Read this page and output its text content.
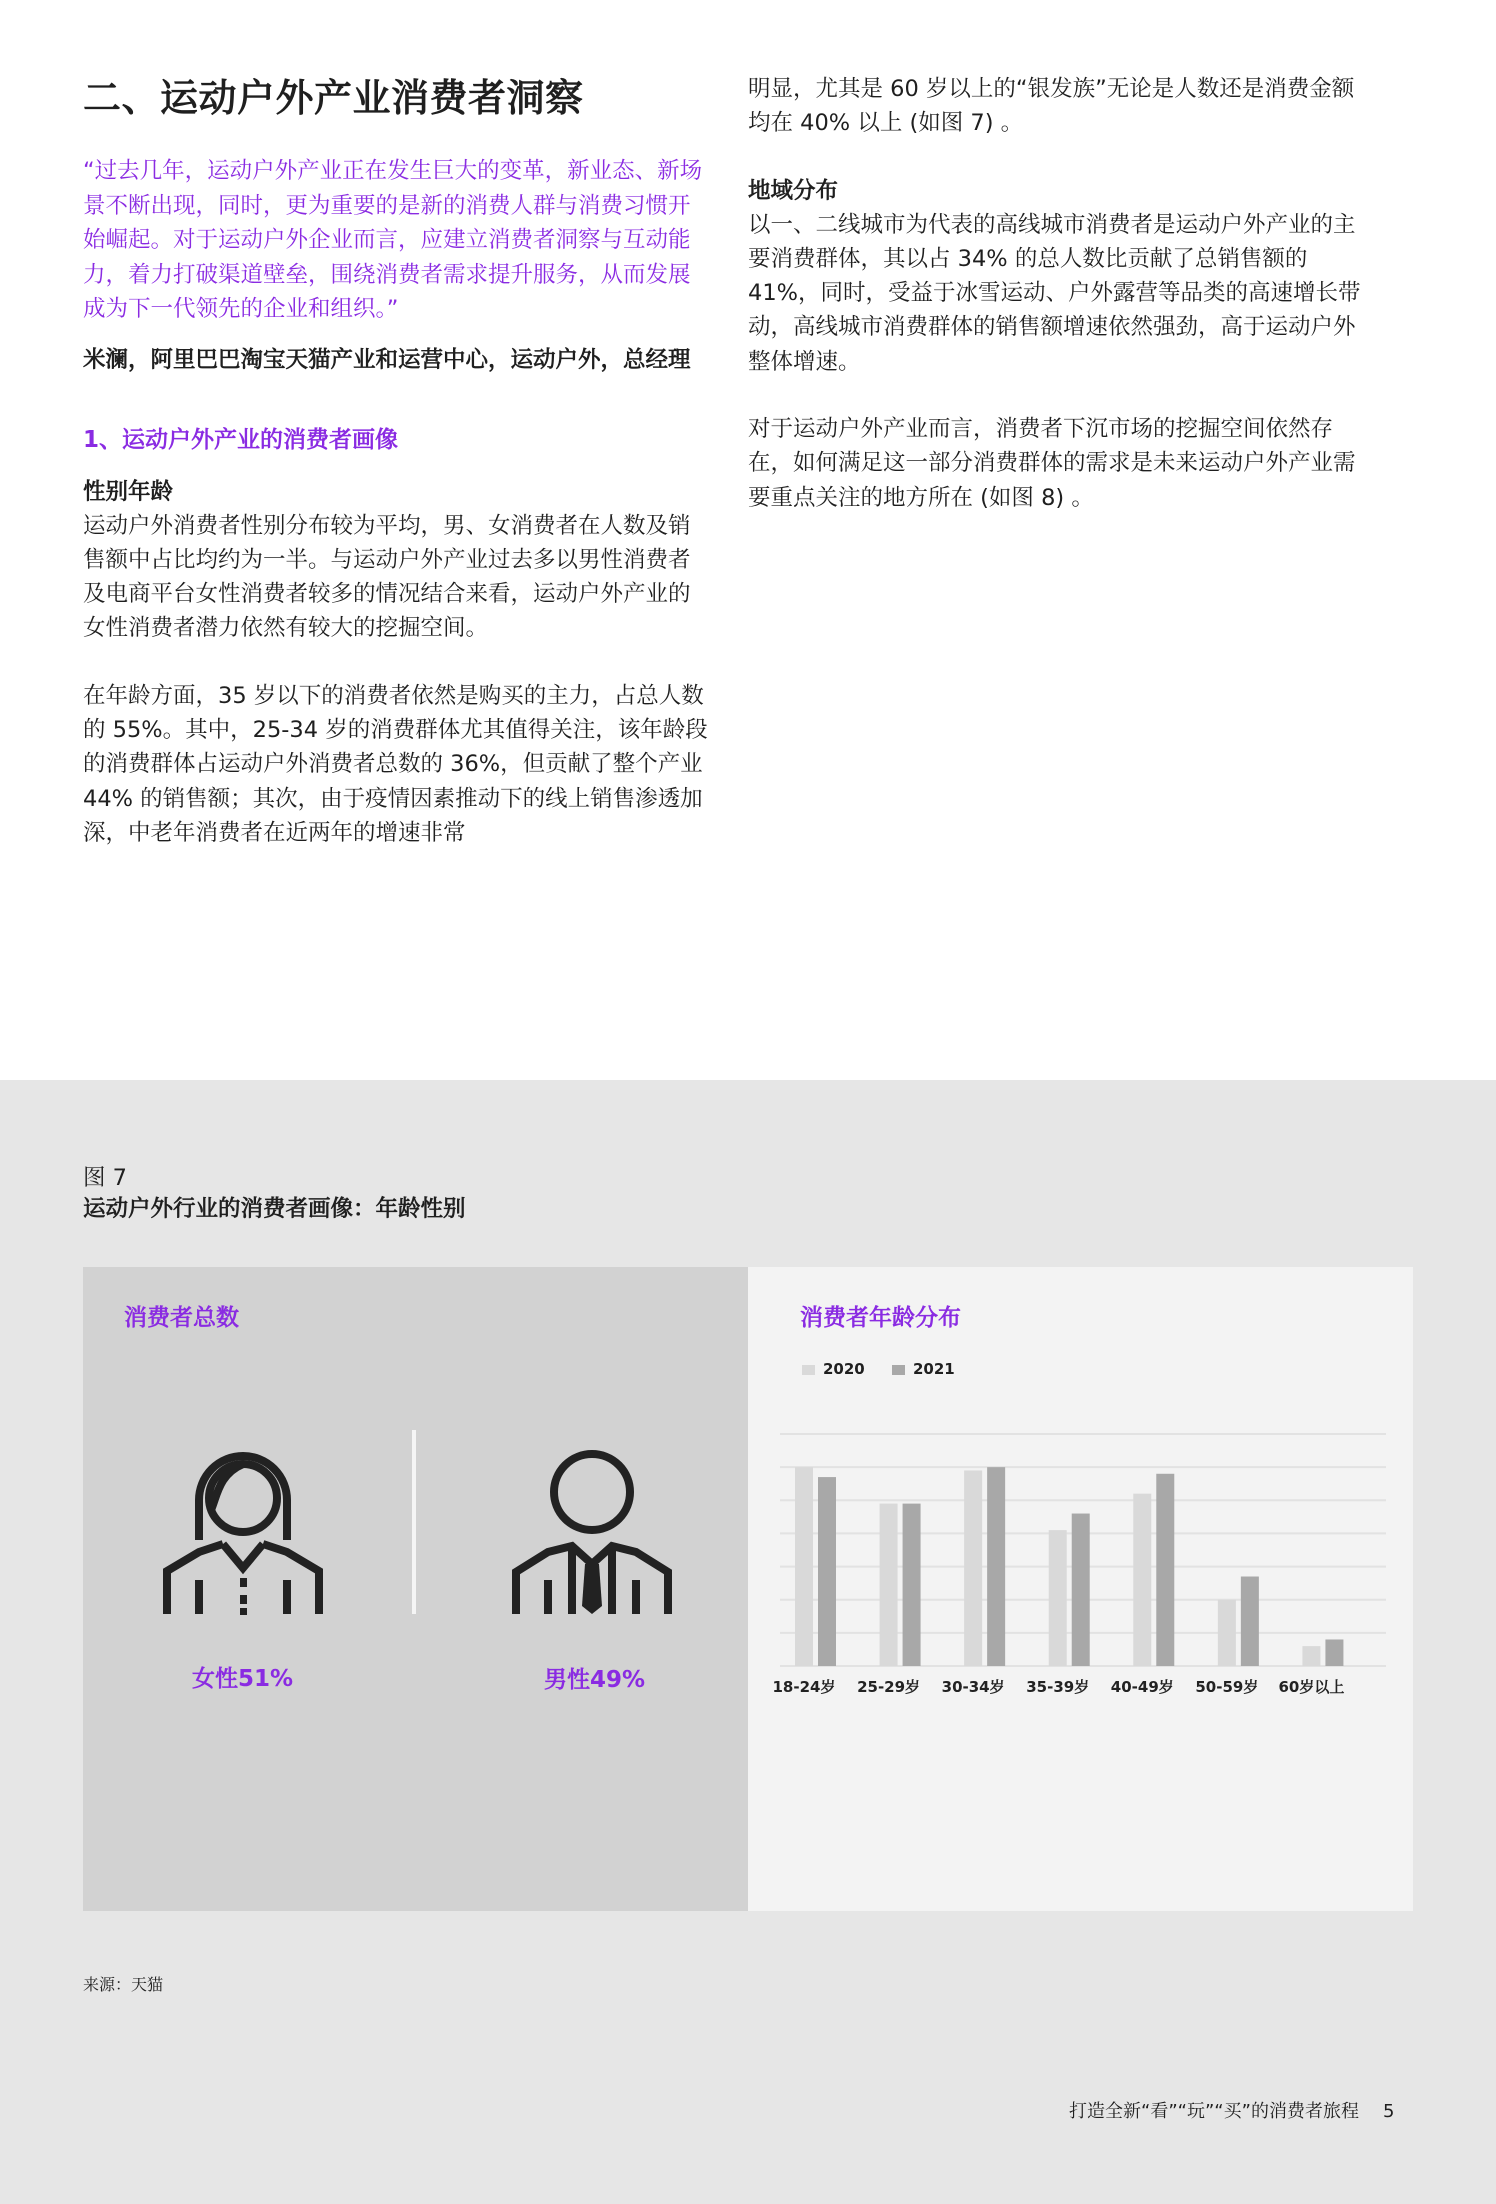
二、运动户外产业消费者洞察

“过去几年，运动户外产业正在发生巨大的变革，新业态、新场景不断出现，同时，更为重要的是新的消费人群与消费习惯开始崛起。对于运动户外企业而言，应建立消费者洞察与互动能力，着力打破渠道壁垒，围绕消费者需求提升服务，从而发展成为下一代领先的企业和组织。”

米澜，阿里巴巴淘宝天猫产业和运营中心，运动户外，总经理

1、运动户外产业的消费者画像

性别年龄

运动户外消费者性别分布较为平均，男、女消费者在人数及销售额中占比均约为一半。与运动户外产业过去多以男性消费者及电商平台女性消费者较多的情况结合来看，运动户外产业的女性消费者潜力依然有较大的挖掘空间。

在年龄方面，35 岁以下的消费者依然是购买的主力，占总人数的 55%。其中，25-34 岁的消费群体尤其值得关注，该年龄段的消费群体占运动户外消费者总数的 36%，但贡献了整个产业 44% 的销售额；其次，由于疫情因素推动下的线上销售渗透加深，中老年消费者在近两年的增速非常

明显，尤其是 60 岁以上的“银发族”无论是人数还是消费金额均在 40% 以上 (如图 7) 。

地域分布

以一、二线城市为代表的高线城市消费者是运动户外产业的主要消费群体，其以占 34% 的总人数比贡献了总销售额的 41%，同时，受益于冰雪运动、户外露营等品类的高速增长带动，高线城市消费群体的销售额增速依然强劲，高于运动户外整体增速。

对于运动户外产业而言，消费者下沉市场的挖掘空间依然存在，如何满足这一部分消费群体的需求是未来运动户外产业需要重点关注的地方所在 (如图 8) 。

图 7
运动户外行业的消费者画像：年龄性别
消费者总数
女性51%	男性49%
消费者年龄分布
2020	2021
18-24岁 25-29岁 30-34岁 35-39岁 40-49岁 50-59岁 60岁以上
来源：天猫
打造全新“看”“玩”“买”的消费者旅程 5
